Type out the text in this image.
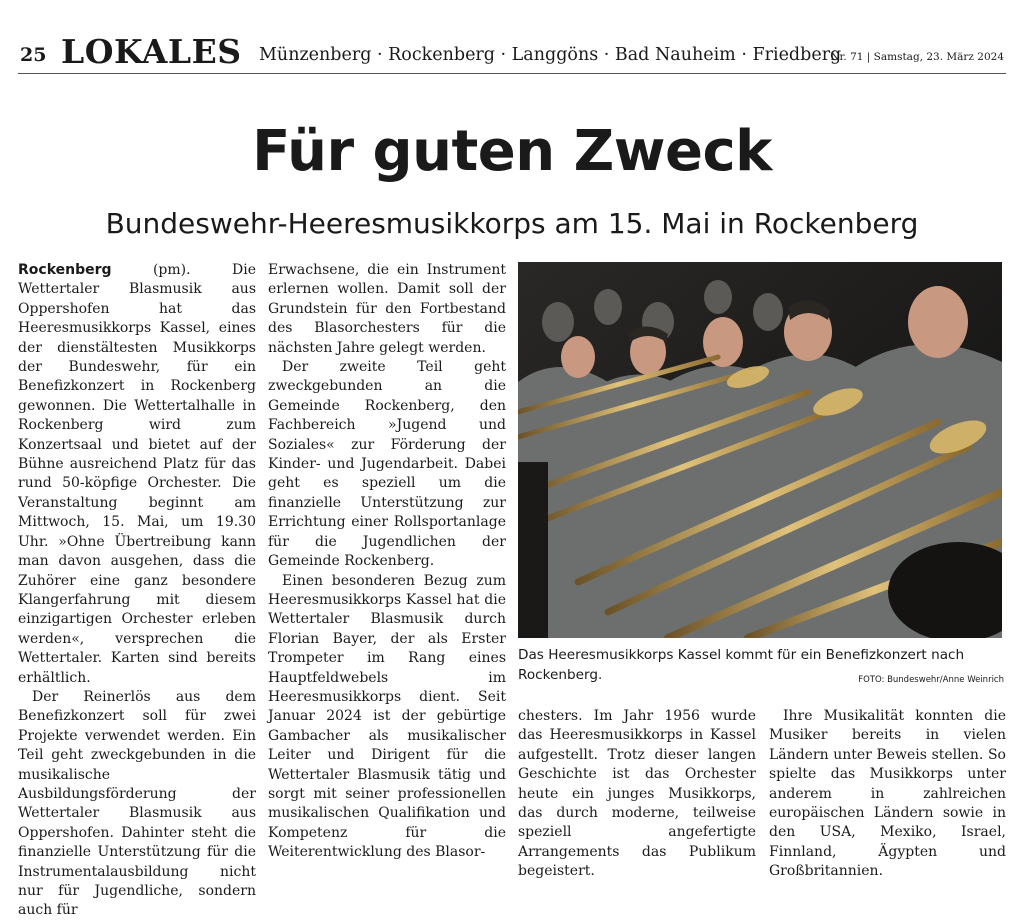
25 LOKALES Münzenberg · Rockenberg · Langgöns · Bad Nauheim · Friedberg
Nr. 71 | Samstag, 23. März 2024
Für guten Zweck
Bundeswehr-Heeresmusikkorps am 15. Mai in Rockenberg

Rockenberg (pm). Die Wettertaler Blasmusik aus Oppershofen hat das Heeresmusikkorps Kassel, eines der dienstältesten Musikkorps der Bundeswehr, für ein Benefizkonzert in Rockenberg gewonnen. Die Wettertalhalle in Rockenberg wird zum Konzertsaal und bietet auf der Bühne ausreichend Platz für das rund 50-köpfige Orchester. Die Veranstaltung beginnt am Mittwoch, 15. Mai, um 19.30 Uhr. »Ohne Übertreibung kann man davon ausgehen, dass die Zuhörer eine ganz besondere Klangerfahrung mit diesem einzigartigen Orchester erleben werden«, versprechen die Wettertaler. Karten sind bereits erhältlich.

Der Reinerlös aus dem Benefizkonzert soll für zwei Projekte verwendet werden. Ein Teil geht zweckgebunden in die musikalische Ausbildungsförderung der Wettertaler Blasmusik aus Oppershofen. Dahinter steht die finanzielle Unterstützung für die Instrumentalausbildung nicht nur für Jugendliche, sondern auch für

Erwachsene, die ein Instrument erlernen wollen. Damit soll der Grundstein für den Fortbestand des Blasorchesters für die nächsten Jahre gelegt werden.

Der zweite Teil geht zweckgebunden an die Gemeinde Rockenberg, den Fachbereich »Jugend und Soziales« zur Förderung der Kinder- und Jugendarbeit. Dabei geht es speziell um die finanzielle Unterstützung zur Errichtung einer Rollsportanlage für die Jugendlichen der Gemeinde Rockenberg.

Einen besonderen Bezug zum Heeresmusikkorps Kassel hat die Wettertaler Blasmusik durch Florian Bayer, der als Erster Trompeter im Rang eines Hauptfeldwebels im Heeresmusikkorps dient. Seit Januar 2024 ist der gebürtige Gambacher als musikalischer Leiter und Dirigent für die Wettertaler Blasmusik tätig und sorgt mit seiner professionellen musikalischen Qualifikation und Kompetenz für die Weiterentwicklung des Blasor-

Das Heeresmusikkorps Kassel kommt für ein Benefizkonzert nach Rockenberg.	FOTO: Bundeswehr/Anne Weinrich

chesters. Im Jahr 1956 wurde das Heeresmusikkorps in Kassel aufgestellt. Trotz dieser langen Geschichte ist das Orchester heute ein junges Musikkorps, das durch moderne, teilweise speziell angefertigte Arrangements das Publikum begeistert.

Ihre Musikalität konnten die Musiker bereits in vielen Ländern unter Beweis stellen. So spielte das Musikkorps unter anderem in zahlreichen europäischen Ländern sowie in den USA, Mexiko, Israel, Finnland, Ägypten und Großbritannien.
